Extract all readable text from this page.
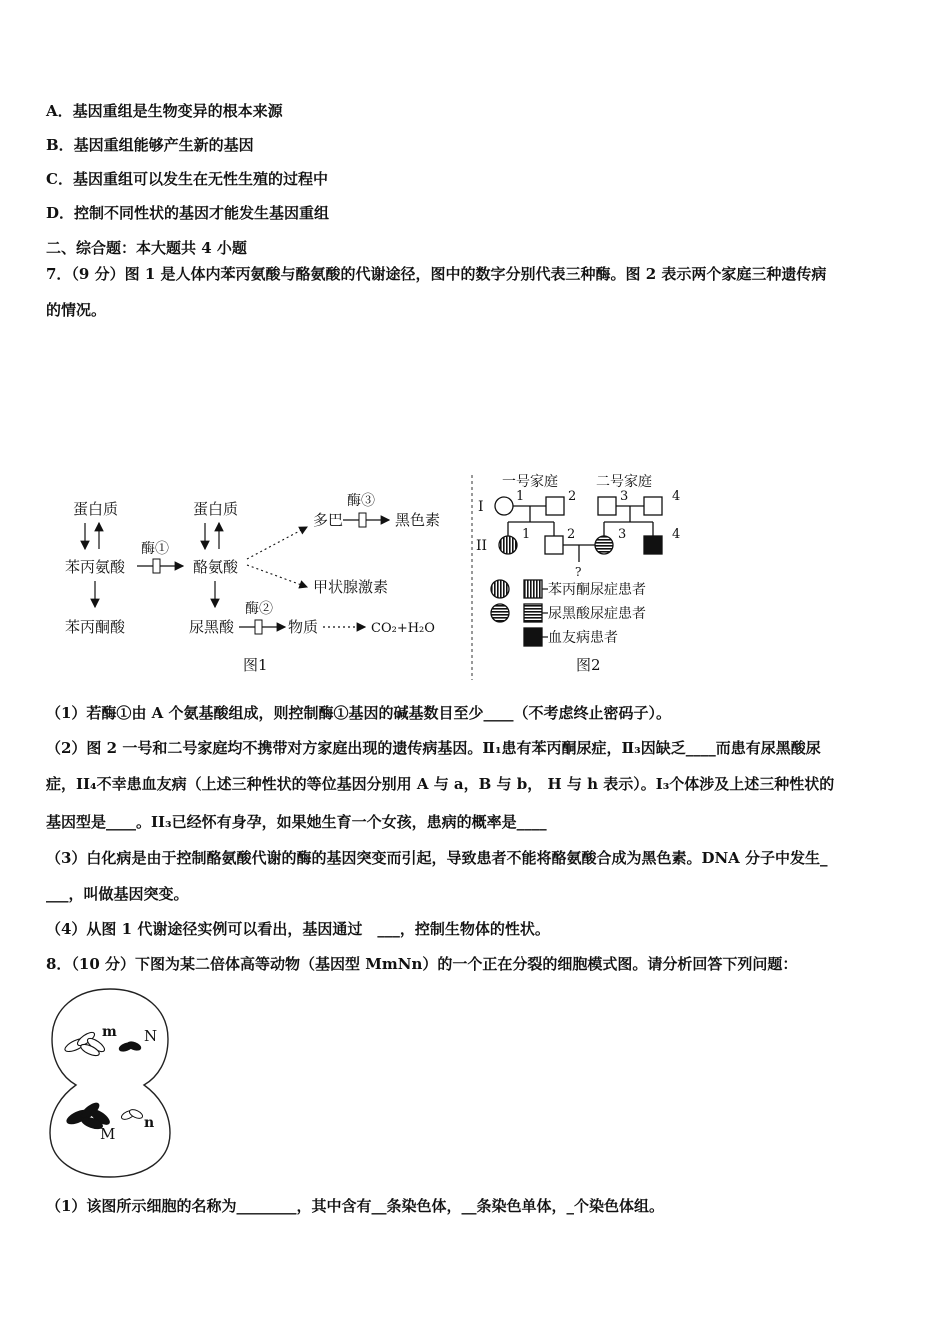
A．基因重组是生物变异的根本来源
B．基因重组能够产生新的基因
C．基因重组可以发生在无性生殖的过程中
D．控制不同性状的基因才能发生基因重组
二、综合题：本大题共 4 小题
7．（9 分）图 1 是人体内苯丙氨酸与酪氨酸的代谢途径，图中的数字分别代表三种酶。图 2 表示两个家庭三种遗传病
的情况。
蛋白质
苯丙氨酸
苯丙酮酸
酶①
蛋白质
酪氨酸
尿黑酸
酶②
物质	CO₂+H₂O
多巴
酶③
黑色素
甲状腺激素
图1
一号家庭	二号家庭
I
1	2	3	4
II
1	2	3	4
?
苯丙酮尿症患者
尿黑酸尿症患者
血友病患者
图2
（1）若酶①由 A 个氨基酸组成，则控制酶①基因的碱基数目至少____（不考虑终止密码子）。
（2）图 2 一号和二号家庭均不携带对方家庭出现的遗传病基因。Ⅱ₁患有苯丙酮尿症，Ⅱ₃因缺乏____而患有尿黑酸尿
症，II₄不幸患血友病（上述三种性状的等位基因分别用 A 与 a，B 与 b， H 与 h 表示）。I₃个体涉及上述三种性状的
基因型是____。II₃已经怀有身孕，如果她生育一个女孩，患病的概率是____
（3）白化病是由于控制酪氨酸代谢的酶的基因突变而引起，导致患者不能将酪氨酸合成为黑色素。DNA 分子中发生_
___，叫做基因突变。
（4）从图 1 代谢途径实例可以看出，基因通过　___，控制生物体的性状。
8．（10 分）下图为某二倍体高等动物（基因型 MmNn）的一个正在分裂的细胞模式图。请分析回答下列问题：
m N
M
n
（1）该图所示细胞的名称为________，其中含有__条染色体，__条染色单体，_个染色体组。
